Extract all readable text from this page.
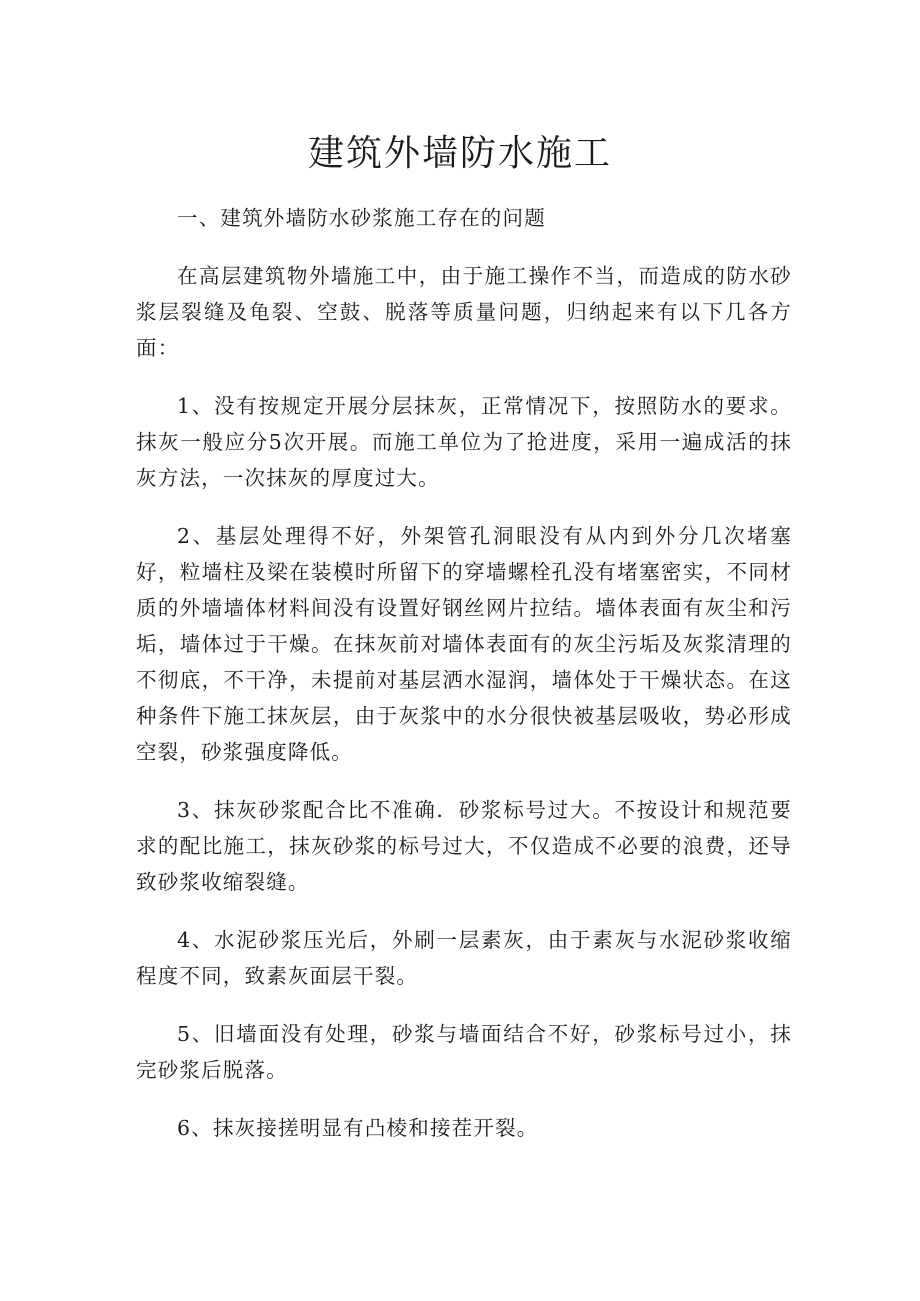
建筑外墙防水施工

一、建筑外墙防水砂浆施工存在的问题

在高层建筑物外墙施工中，由于施工操作不当，而造成的防水砂浆层裂缝及龟裂、空鼓、脱落等质量问题，归纳起来有以下几各方面：

1、没有按规定开展分层抹灰，正常情况下，按照防水的要求。抹灰一般应分5次开展。而施工单位为了抢进度，采用一遍成活的抹灰方法，一次抹灰的厚度过大。

2、基层处理得不好，外架管孔洞眼没有从内到外分几次堵塞好，粒墙柱及梁在装模时所留下的穿墙螺栓孔没有堵塞密实，不同材质的外墙墙体材料间没有设置好钢丝网片拉结。墙体表面有灰尘和污垢，墙体过于干燥。在抹灰前对墙体表面有的灰尘污垢及灰浆清理的不彻底，不干净，未提前对基层洒水湿润，墙体处于干燥状态。在这种条件下施工抹灰层，由于灰浆中的水分很快被基层吸收，势必形成空裂，砂浆强度降低。

3、抹灰砂浆配合比不准确．砂浆标号过大。不按设计和规范要求的配比施工，抹灰砂浆的标号过大，不仅造成不必要的浪费，还导致砂浆收缩裂缝。

4、水泥砂浆压光后，外刷一层素灰，由于素灰与水泥砂浆收缩程度不同，致素灰面层干裂。

5、旧墙面没有处理，砂浆与墙面结合不好，砂浆标号过小，抹完砂浆后脱落。

6、抹灰接搓明显有凸棱和接茬开裂。
